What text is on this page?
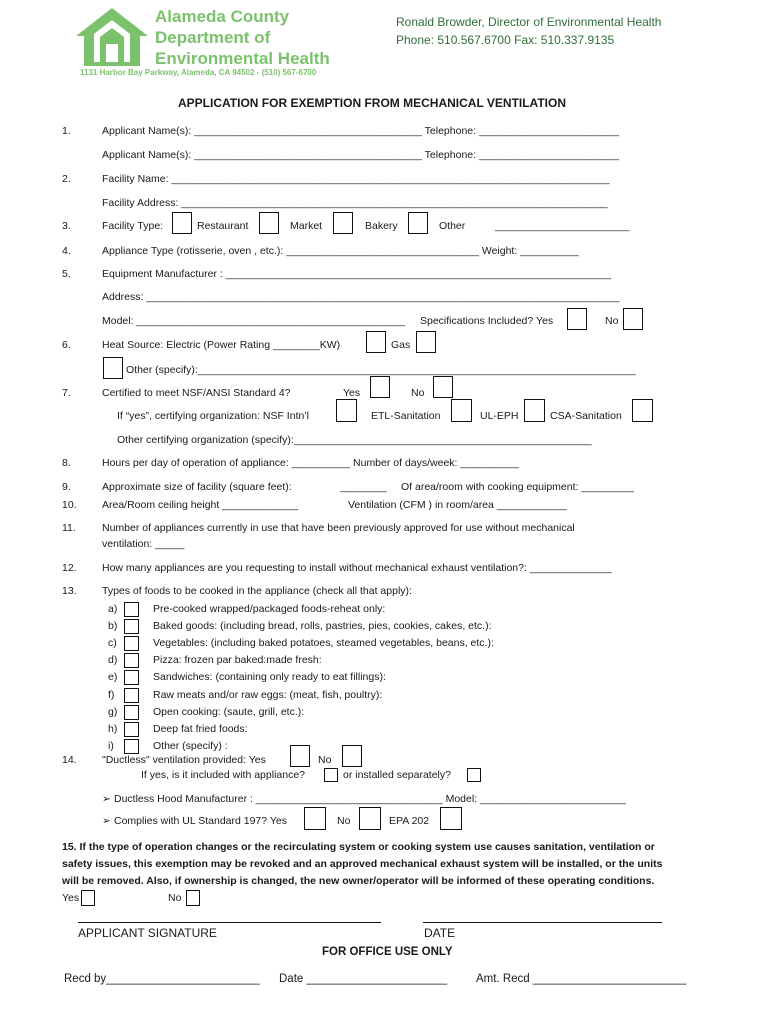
Alameda County
Department of
Environmental Health
1131 Harbor Bay Parkway, Alameda, CA 94502 - (510) 567-6700
Ronald Browder, Director of Environmental Health
Phone: 510.567.6700 Fax: 510.337.9135
APPLICATION FOR EXEMPTION FROM MECHANICAL VENTILATION
1.	Applicant Name(s): _______________________________________ Telephone: ________________________
Applicant Name(s): _______________________________________ Telephone: ________________________
2.	Facility Name: ___________________________________________________________________________
Facility Address: _________________________________________________________________________
3.	Facility Type:	Restaurant	Market	Bakery	Other	_______________________
4.	Appliance Type (rotisserie, oven , etc.): _________________________________ Weight: __________
5.	Equipment Manufacturer : __________________________________________________________________
Address: _________________________________________________________________________________
Model: ______________________________________________ Specifications Included? Yes	No
6.	Heat Source: Electric (Power Rating ________KW)	Gas
Other (specify):___________________________________________________________________________
7.	Certified to meet NSF/ANSI Standard 4?	Yes	No
If “yes”, certifying organization: NSF Intn’l	ETL-Sanitation	UL-EPH	CSA-Sanitation
Other certifying organization (specify):___________________________________________________
8.	Hours per day of operation of appliance: __________ Number of days/week: __________
9.	Approximate size of facility (square feet):	________ Of area/room with cooking equipment: _________
10. Area/Room ceiling height _____________	Ventilation (CFM ) in room/area ____________
11. Number of appliances currently in use that have been previously approved for use without mechanical
ventilation: _____
12. How many appliances are you requesting to install without mechanical exhaust ventilation?: ______________
13. Types of foods to be cooked in the appliance (check all that apply):
a)	Pre-cooked wrapped/packaged foods-reheat only:
b)	Baked goods: (including bread, rolls, pastries, pies, cookies, cakes, etc.):
c)	Vegetables: (including baked potatoes, steamed vegetables, beans, etc.):
d)	Pizza: frozen par baked:made fresh:
e)	Sandwiches: (containing only ready to eat fillings):
f)	Raw meats and/or raw eggs: (meat, fish, poultry):
g)	Open cooking: (saute, grill, etc.):
h)	Deep fat fried foods:
i)	Other (specify) :
14. "Ductless" ventilation provided: Yes	No
If yes, is it included with appliance?	or installed separately?
➢ Ductless Hood Manufacturer : ________________________________ Model: _________________________
➢ Complies with UL Standard 197? Yes	No	EPA 202
15. If the type of operation changes or the recirculating system or cooking system use causes sanitation, ventilation or
safety issues, this exemption may be revoked and an approved mechanical exhaust system will be installed, or the units
will be removed. Also, if ownership is changed, the new owner/operator will be informed of these operating conditions.
Yes	No
APPLICANT SIGNATURE	DATE
FOR OFFICE USE ONLY
Recd by________________________ Date ______________________	Amt. Recd ________________________
